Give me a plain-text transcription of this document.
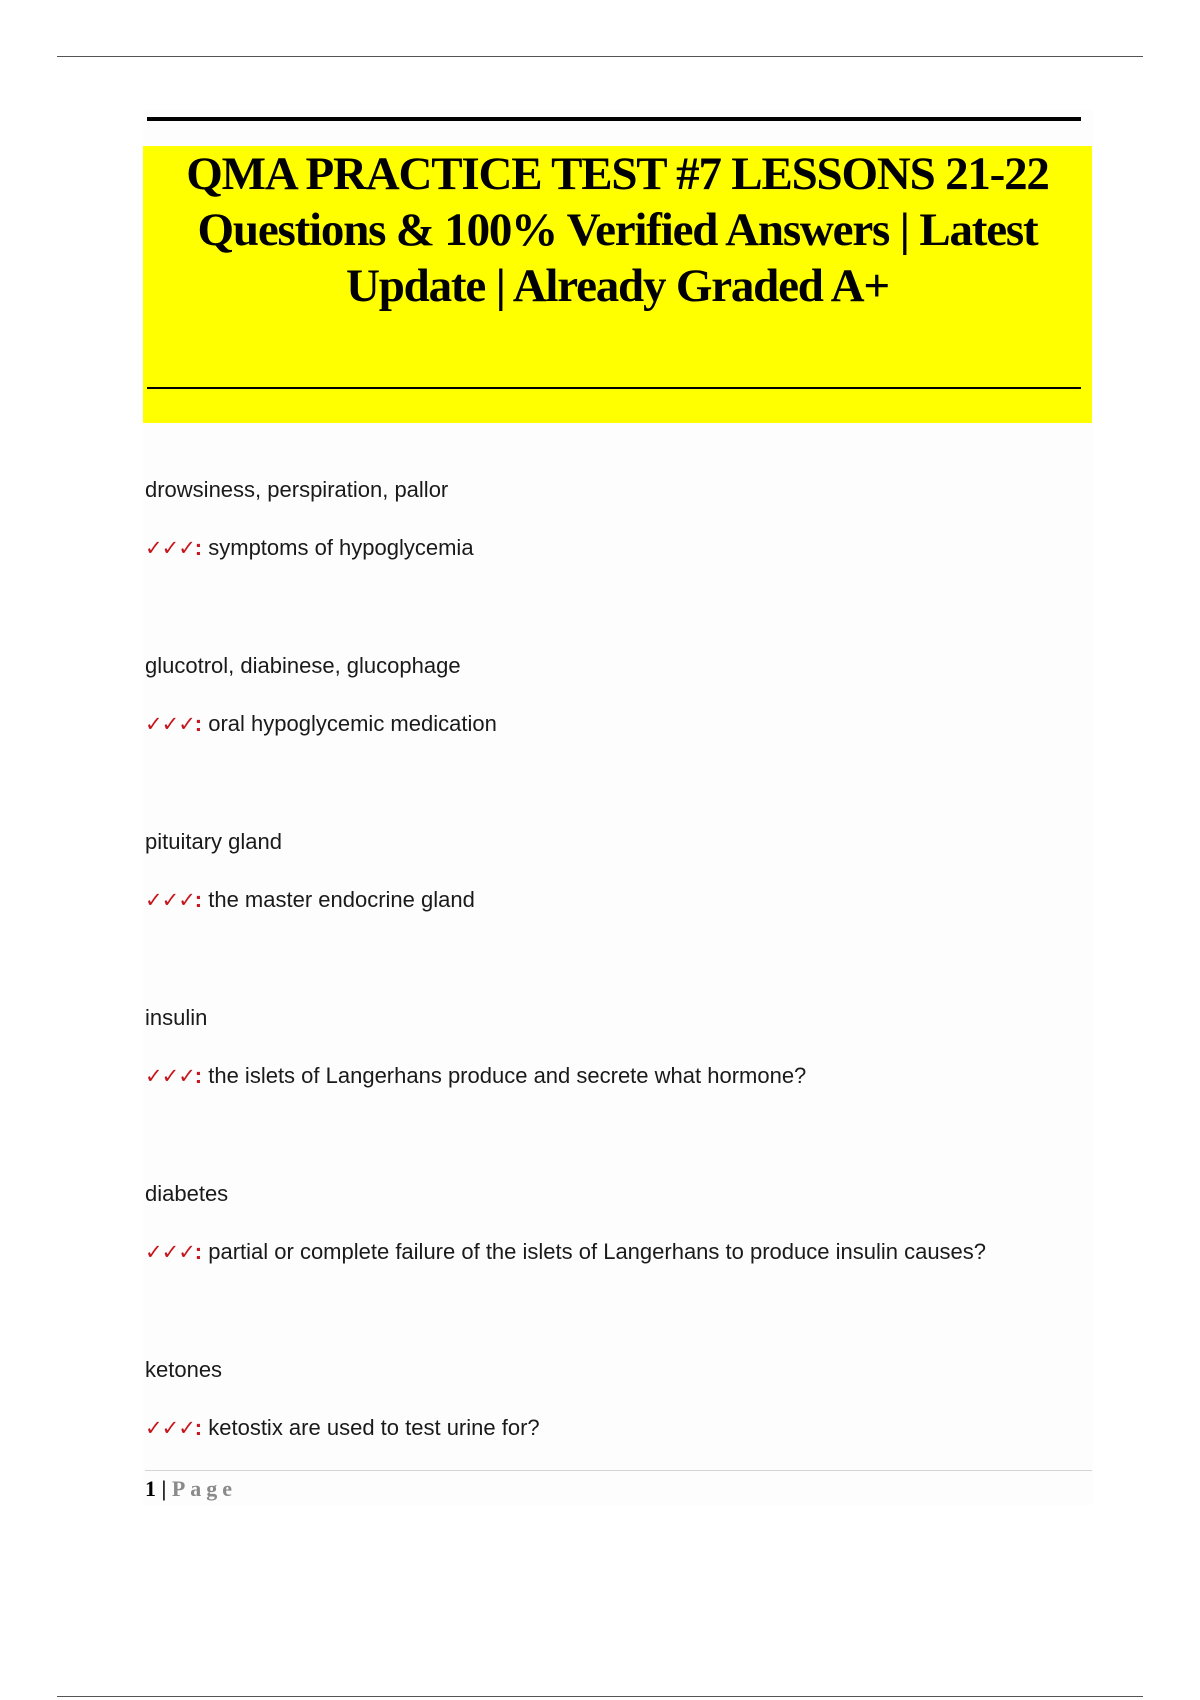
QMA PRACTICE TEST #7 LESSONS 21-22 Questions & 100% Verified Answers | Latest Update | Already Graded A+
drowsiness, perspiration, pallor
✓✓✓: symptoms of hypoglycemia
glucotrol, diabinese, glucophage
✓✓✓: oral hypoglycemic medication
pituitary gland
✓✓✓: the master endocrine gland
insulin
✓✓✓: the islets of Langerhans produce and secrete what hormone?
diabetes
✓✓✓: partial or complete failure of the islets of Langerhans to produce insulin causes?
ketones
✓✓✓: ketostix are used to test urine for?
1 | Page
